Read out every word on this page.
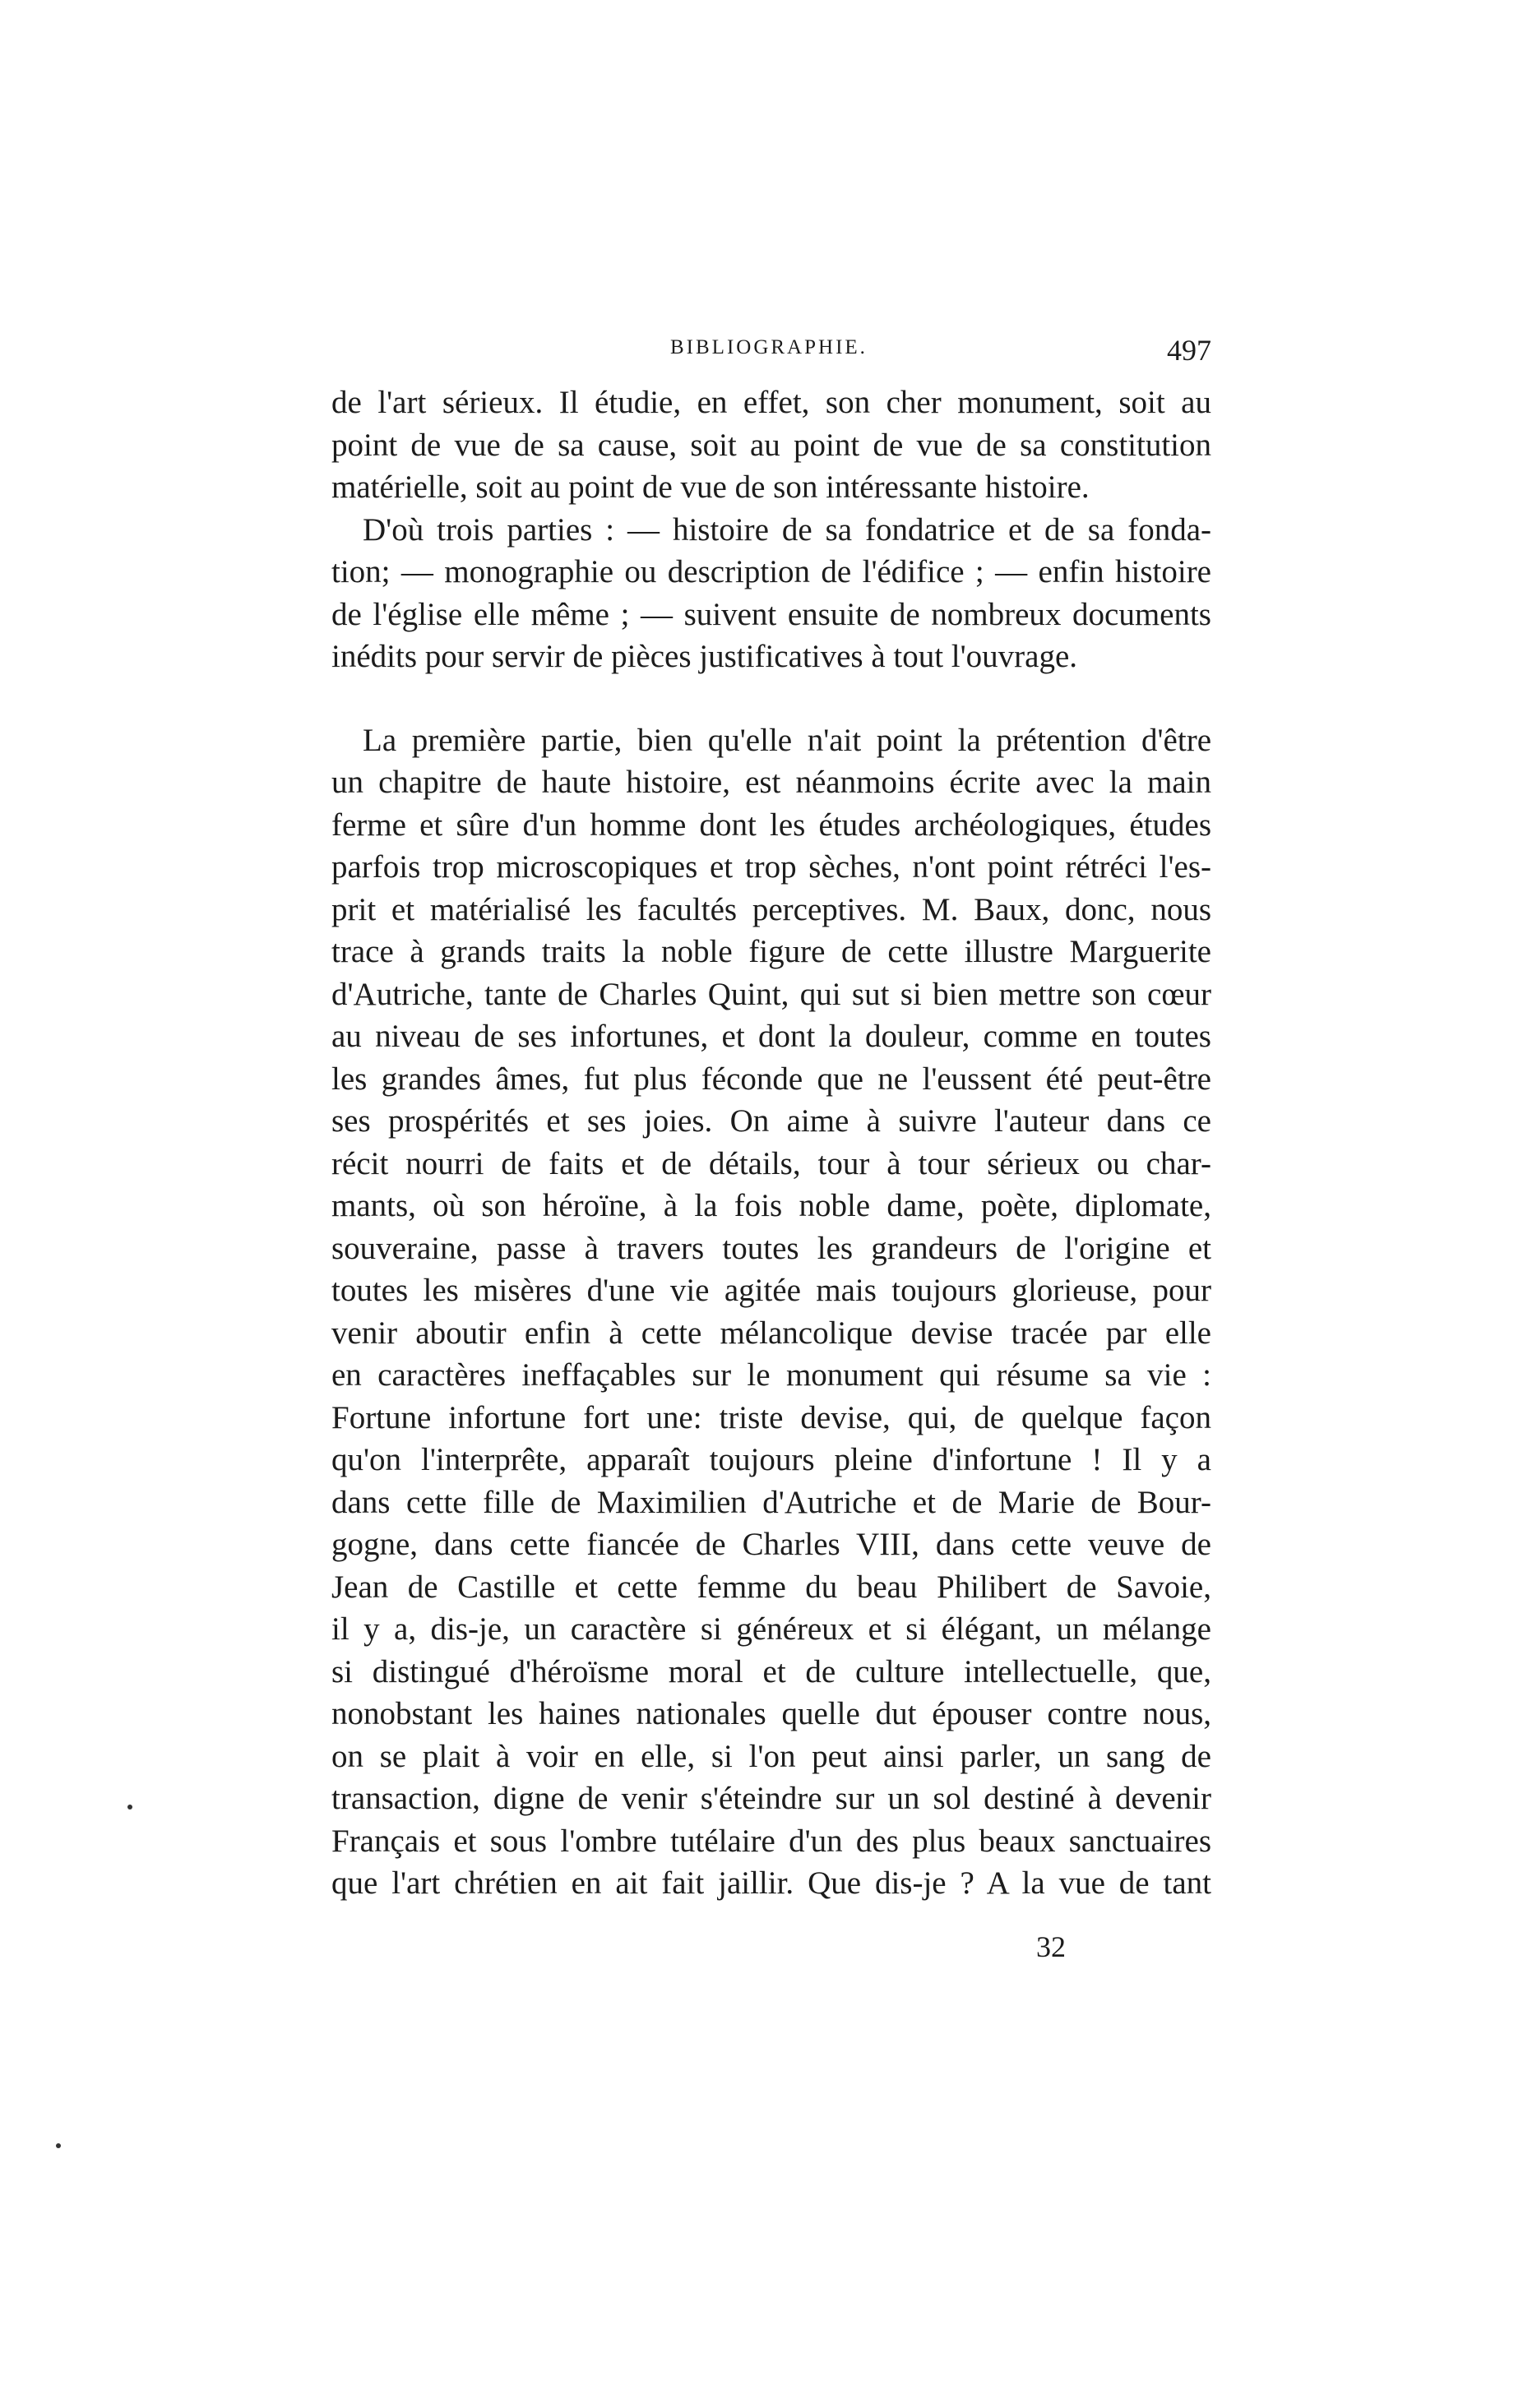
BIBLIOGRAPHIE.	497
de l'art sérieux. Il étudie, en effet, son cher monument, soit au
point de vue de sa cause, soit au point de vue de sa constitution
matérielle, soit au point de vue de son intéressante histoire.
D'où trois parties : — histoire de sa fondatrice et de sa fonda-
tion; — monographie ou description de l'édifice ; — enfin histoire
de l'église elle même ; — suivent ensuite de nombreux documents
inédits pour servir de pièces justificatives à tout l'ouvrage.
La première partie, bien qu'elle n'ait point la prétention d'être
un chapitre de haute histoire, est néanmoins écrite avec la main
ferme et sûre d'un homme dont les études archéologiques, études
parfois trop microscopiques et trop sèches, n'ont point rétréci l'es-
prit et matérialisé les facultés perceptives. M. Baux, donc, nous
trace à grands traits la noble figure de cette illustre Marguerite
d'Autriche, tante de Charles Quint, qui sut si bien mettre son cœur
au niveau de ses infortunes, et dont la douleur, comme en toutes
les grandes âmes, fut plus féconde que ne l'eussent été peut-être
ses prospérités et ses joies. On aime à suivre l'auteur dans ce
récit nourri de faits et de détails, tour à tour sérieux ou char-
mants, où son héroïne, à la fois noble dame, poète, diplomate,
souveraine, passe à travers toutes les grandeurs de l'origine et
toutes les misères d'une vie agitée mais toujours glorieuse, pour
venir aboutir enfin à cette mélancolique devise tracée par elle
en caractères ineffaçables sur le monument qui résume sa vie :
Fortune infortune fort une: triste devise, qui, de quelque façon
qu'on l'interprête, apparaît toujours pleine d'infortune ! Il y a
dans cette fille de Maximilien d'Autriche et de Marie de Bour-
gogne, dans cette fiancée de Charles VIII, dans cette veuve de
Jean de Castille et cette femme du beau Philibert de Savoie,
il y a, dis-je, un caractère si généreux et si élégant, un mélange
si distingué d'héroïsme moral et de culture intellectuelle, que,
nonobstant les haines nationales quelle dut épouser contre nous,
on se plait à voir en elle, si l'on peut ainsi parler, un sang de
transaction, digne de venir s'éteindre sur un sol destiné à devenir
Français et sous l'ombre tutélaire d'un des plus beaux sanctuaires
que l'art chrétien en ait fait jaillir. Que dis-je ? A la vue de tant
32
